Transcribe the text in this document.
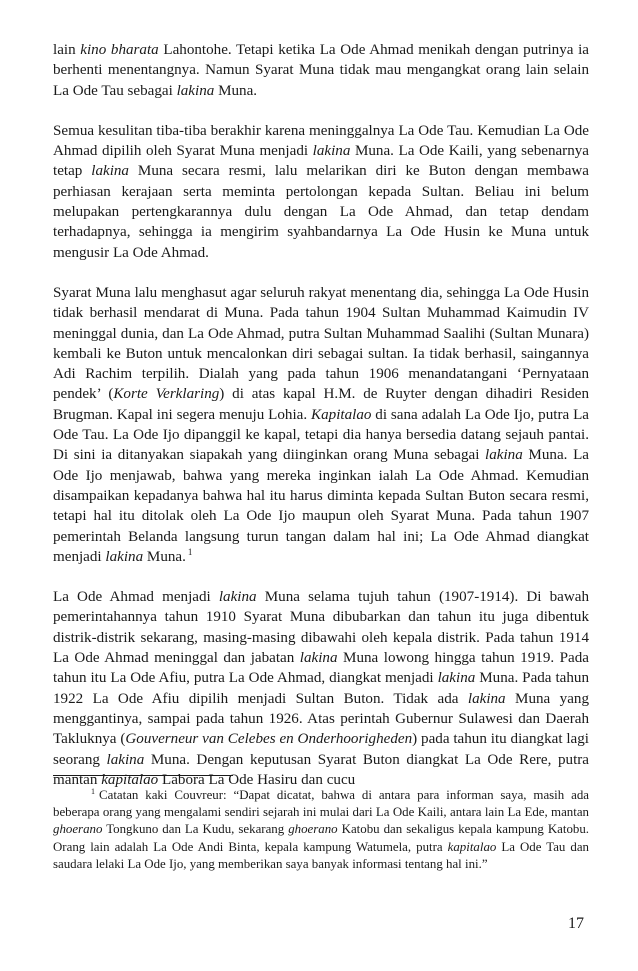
lain kino bharata Lahontohe. Tetapi ketika La Ode Ahmad menikah dengan putrinya ia berhenti menentangnya. Namun Syarat Muna tidak mau mengangkat orang lain selain La Ode Tau sebagai lakina Muna.

Semua kesulitan tiba-tiba berakhir karena meninggalnya La Ode Tau. Kemudian La Ode Ahmad dipilih oleh Syarat Muna menjadi lakina Muna. La Ode Kaili, yang sebenarnya tetap lakina Muna secara resmi, lalu melarikan diri ke Buton dengan membawa perhiasan kerajaan serta meminta pertolongan kepada Sultan. Beliau ini belum melupakan pertengkarannya dulu dengan La Ode Ahmad, dan tetap dendam terhadapnya, sehingga ia mengirim syahbandarnya La Ode Husin ke Muna untuk mengusir La Ode Ahmad.

Syarat Muna lalu menghasut agar seluruh rakyat menentang dia, sehingga La Ode Husin tidak berhasil mendarat di Muna. Pada tahun 1904 Sultan Muhammad Kaimudin IV meninggal dunia, dan La Ode Ahmad, putra Sultan Muhammad Saalihi (Sultan Munara) kembali ke Buton untuk mencalonkan diri sebagai sultan. Ia tidak berhasil, saingannya Adi Rachim terpilih. Dialah yang pada tahun 1906 menandatangani ‘Pernyataan pendek’ (Korte Verklaring) di atas kapal H.M. de Ruyter dengan dihadiri Residen Brugman. Kapal ini segera menuju Lohia. Kapitalao di sana adalah La Ode Ijo, putra La Ode Tau. La Ode Ijo dipanggil ke kapal, tetapi dia hanya bersedia datang sejauh pantai. Di sini ia ditanyakan siapakah yang diinginkan orang Muna sebagai lakina Muna. La Ode Ijo menjawab, bahwa yang mereka inginkan ialah La Ode Ahmad. Kemudian disampaikan kepadanya bahwa hal itu harus diminta kepada Sultan Buton secara resmi, tetapi hal itu ditolak oleh La Ode Ijo maupun oleh Syarat Muna. Pada tahun 1907 pemerintah Belanda langsung turun tangan dalam hal ini; La Ode Ahmad diangkat menjadi lakina Muna. $^1$

La Ode Ahmad menjadi lakina Muna selama tujuh tahun (1907-1914). Di bawah pemerintahannya tahun 1910 Syarat Muna dibubarkan dan tahun itu juga dibentuk distrik-distrik sekarang, masing-masing dibawahi oleh kepala distrik. Pada tahun 1914 La Ode Ahmad meninggal dan jabatan lakina Muna lowong hingga tahun 1919. Pada tahun itu La Ode Afiu, putra La Ode Ahmad, diangkat menjadi lakina Muna. Pada tahun 1922 La Ode Afiu dipilih menjadi Sultan Buton. Tidak ada lakina Muna yang menggantinya, sampai pada tahun 1926. Atas perintah Gubernur Sulawesi dan Daerah Takluknya (Gouverneur van Celebes en Onderhoorigheden) pada tahun itu diangkat lagi seorang lakina Muna. Dengan keputusan Syarat Buton diangkat La Ode Rere, putra mantan kapitalao Labora La Ode Hasiru dan cucu

$^1$ Catatan kaki Couvreur: “Dapat dicatat, bahwa di antara para informan saya, masih ada beberapa orang yang mengalami sendiri sejarah ini mulai dari La Ode Kaili, antara lain La Ede, mantan ghoerano Tongkuno dan La Kudu, sekarang ghoerano Katobu dan sekaligus kepala kampung Katobu. Orang lain adalah La Ode Andi Binta, kepala kampung Watumela, putra kapitalao La Ode Tau dan saudara lelaki La Ode Ijo, yang memberikan saya banyak informasi tentang hal ini.”
17
